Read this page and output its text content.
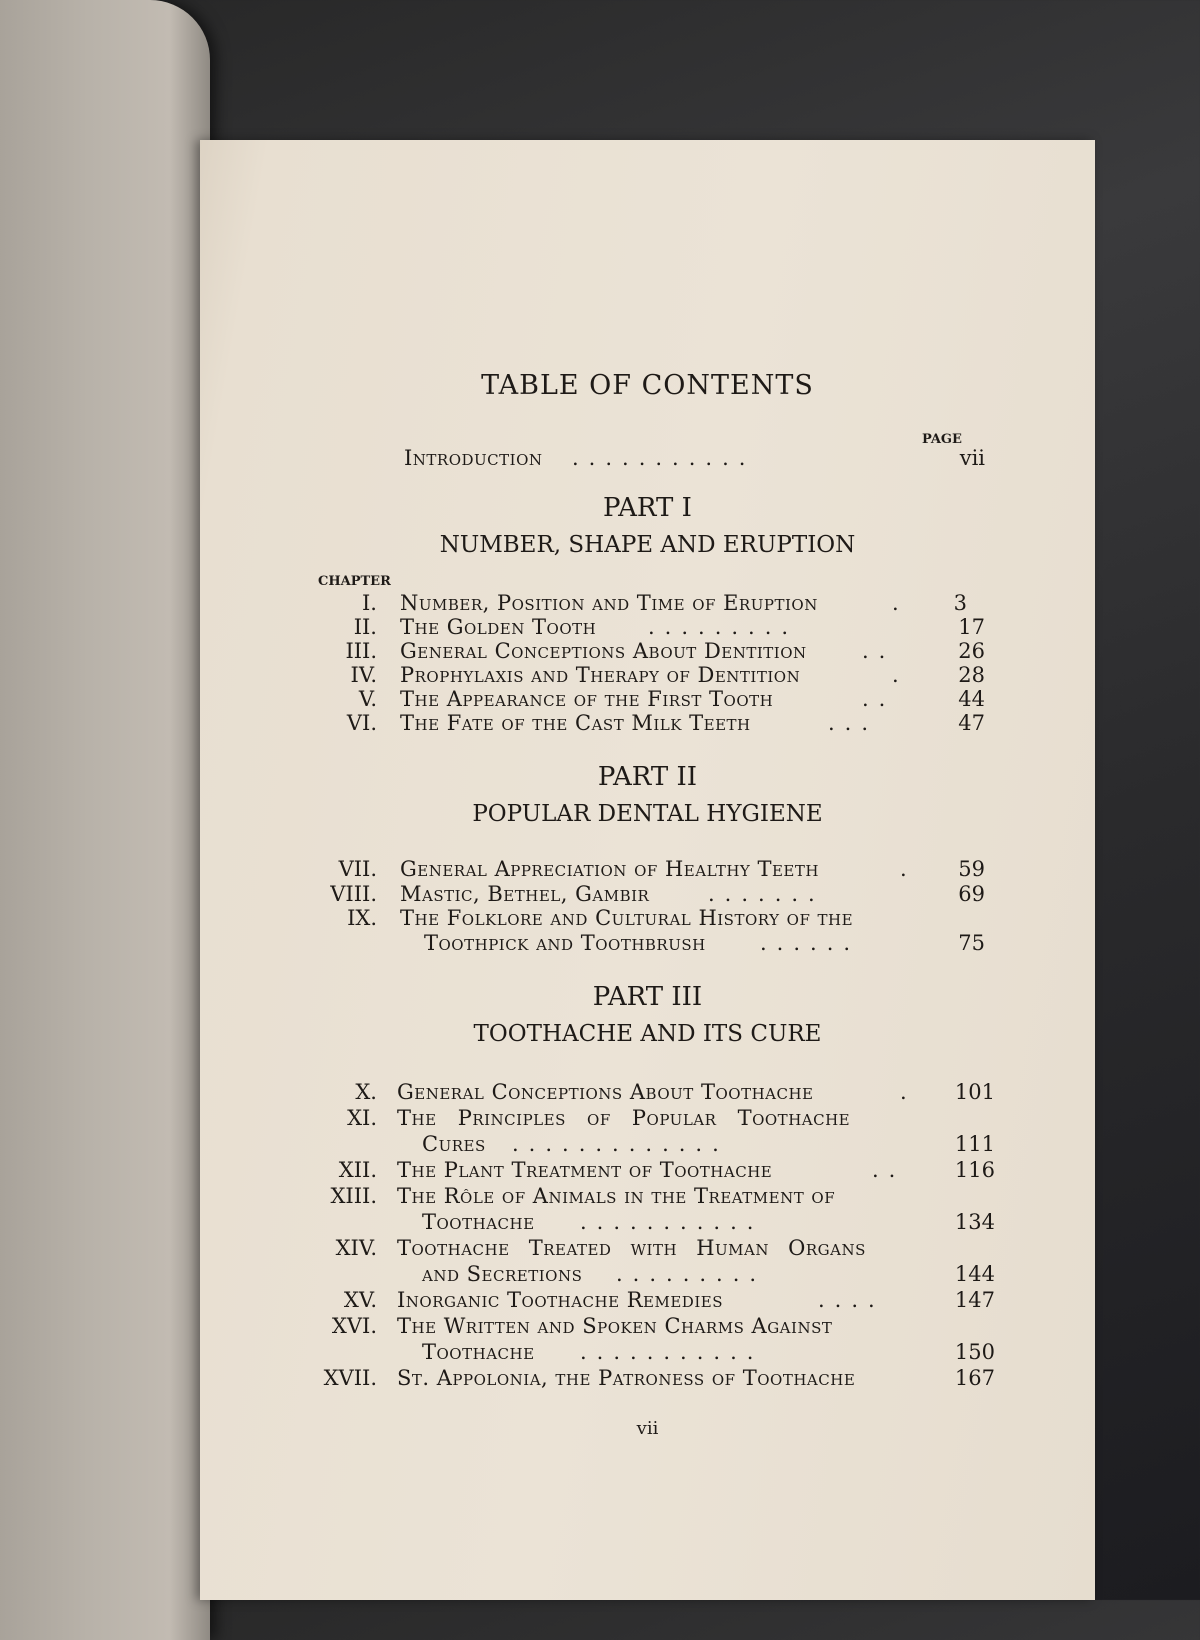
TABLE OF CONTENTS
PAGE
Introduction ...........	vii
PART I
NUMBER, SHAPE AND ERUPTION
CHAPTER
I. Number, Position and Time of Eruption	. 3
II. The Golden Tooth .........	17
III. General Conceptions About Dentition	..	26
IV. Prophylaxis and Therapy of Dentition	. 28
V. The Appearance of the First Tooth	..	44
VI. The Fate of the Cast Milk Teeth	...	47
PART II
POPULAR DENTAL HYGIENE
VII. General Appreciation of Healthy Teeth	. 59
VIII. Mastic, Bethel, Gambir	.......	69
IX. The Folklore and Cultural History of the
Toothpick and Toothbrush	......	75
PART III
TOOTHACHE AND ITS CURE
X. General Conceptions About Toothache	. 101
XI. The Principles of Popular Toothache
Cures .............	111
XII. The Plant Treatment of Toothache	.. 116
XIII. The Rôle of Animals in the Treatment of
Toothache ...........	134
XIV. Toothache Treated with Human Organs
and Secretions .........	144
XV. Inorganic Toothache Remedies	....	147
XVI. The Written and Spoken Charms Against
Toothache ...........	150
XVII. St. Appolonia, the Patroness of Toothache	167
vii
